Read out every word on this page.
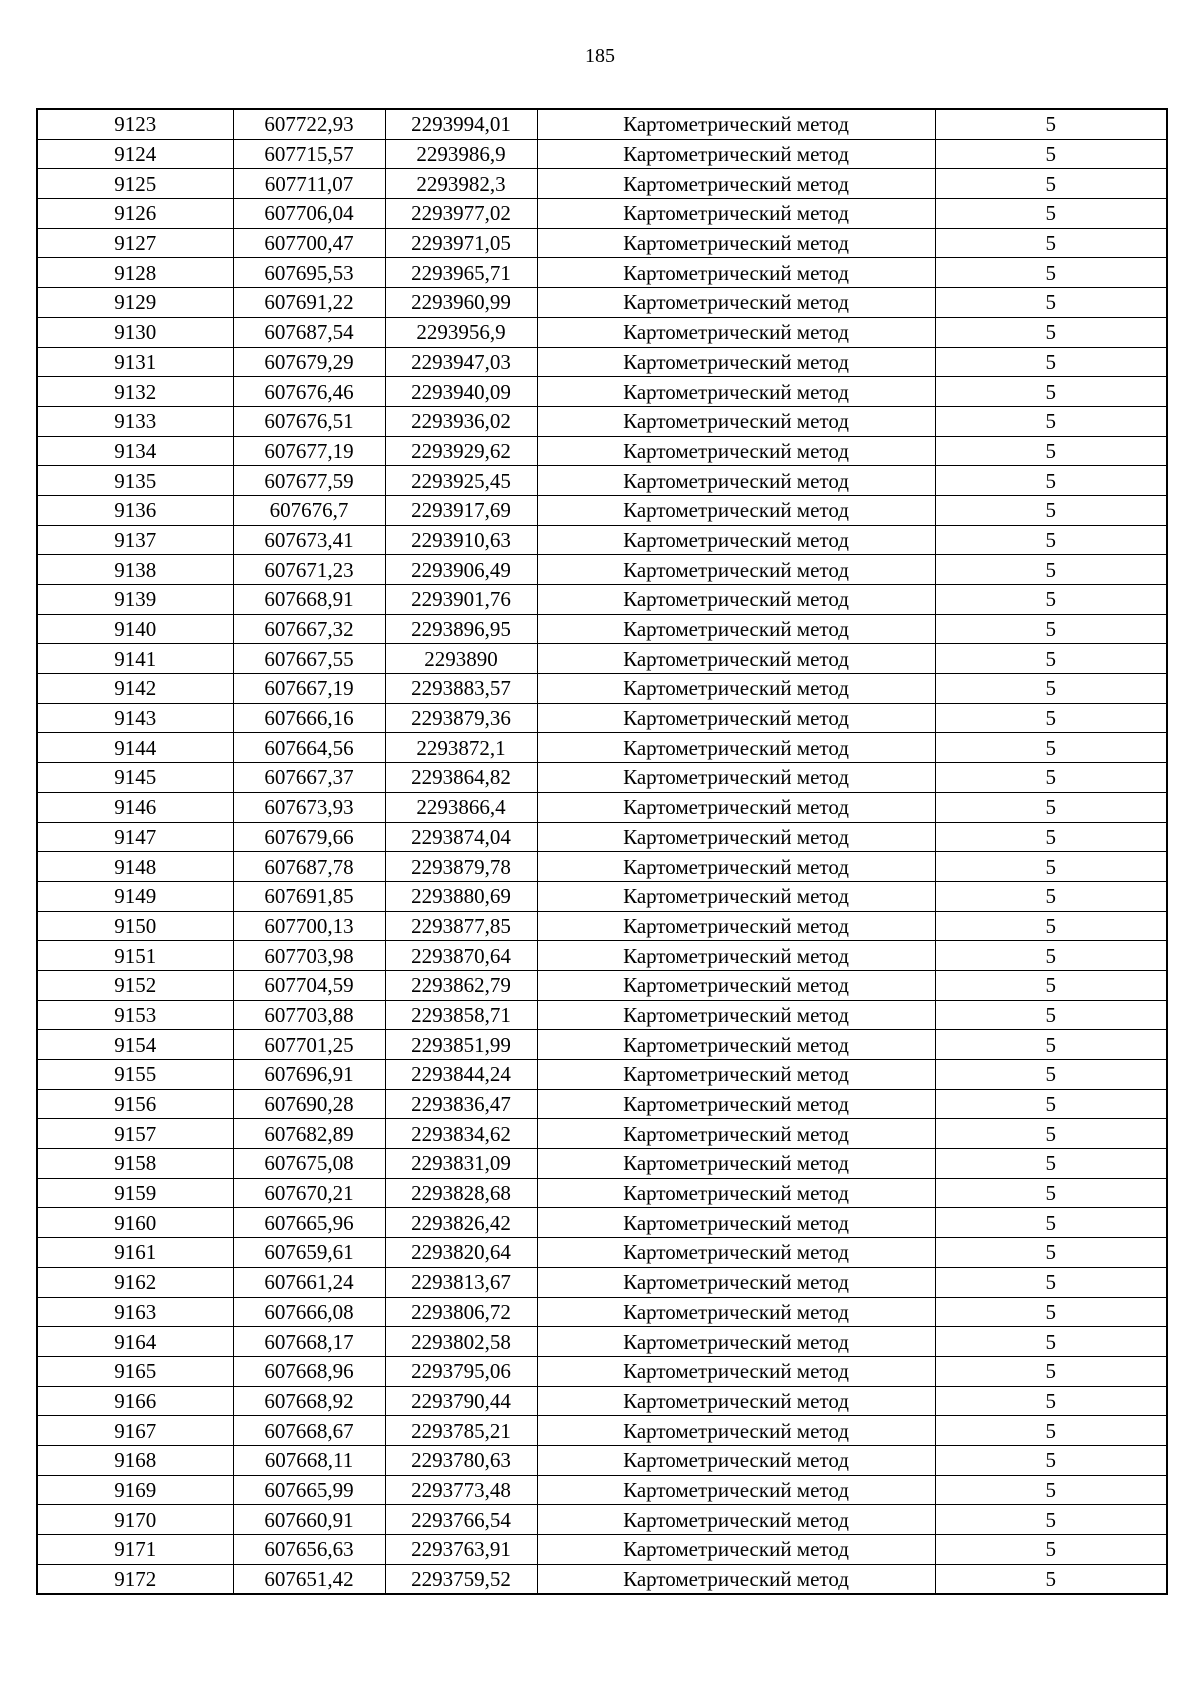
185
9123	607722,93	2293994,01	Картометрический метод	5
9124	607715,57	2293986,9	Картометрический метод	5
9125	607711,07	2293982,3	Картометрический метод	5
9126	607706,04	2293977,02	Картометрический метод	5
9127	607700,47	2293971,05	Картометрический метод	5
9128	607695,53	2293965,71	Картометрический метод	5
9129	607691,22	2293960,99	Картометрический метод	5
9130	607687,54	2293956,9	Картометрический метод	5
9131	607679,29	2293947,03	Картометрический метод	5
9132	607676,46	2293940,09	Картометрический метод	5
9133	607676,51	2293936,02	Картометрический метод	5
9134	607677,19	2293929,62	Картометрический метод	5
9135	607677,59	2293925,45	Картометрический метод	5
9136	607676,7	2293917,69	Картометрический метод	5
9137	607673,41	2293910,63	Картометрический метод	5
9138	607671,23	2293906,49	Картометрический метод	5
9139	607668,91	2293901,76	Картометрический метод	5
9140	607667,32	2293896,95	Картометрический метод	5
9141	607667,55	2293890	Картометрический метод	5
9142	607667,19	2293883,57	Картометрический метод	5
9143	607666,16	2293879,36	Картометрический метод	5
9144	607664,56	2293872,1	Картометрический метод	5
9145	607667,37	2293864,82	Картометрический метод	5
9146	607673,93	2293866,4	Картометрический метод	5
9147	607679,66	2293874,04	Картометрический метод	5
9148	607687,78	2293879,78	Картометрический метод	5
9149	607691,85	2293880,69	Картометрический метод	5
9150	607700,13	2293877,85	Картометрический метод	5
9151	607703,98	2293870,64	Картометрический метод	5
9152	607704,59	2293862,79	Картометрический метод	5
9153	607703,88	2293858,71	Картометрический метод	5
9154	607701,25	2293851,99	Картометрический метод	5
9155	607696,91	2293844,24	Картометрический метод	5
9156	607690,28	2293836,47	Картометрический метод	5
9157	607682,89	2293834,62	Картометрический метод	5
9158	607675,08	2293831,09	Картометрический метод	5
9159	607670,21	2293828,68	Картометрический метод	5
9160	607665,96	2293826,42	Картометрический метод	5
9161	607659,61	2293820,64	Картометрический метод	5
9162	607661,24	2293813,67	Картометрический метод	5
9163	607666,08	2293806,72	Картометрический метод	5
9164	607668,17	2293802,58	Картометрический метод	5
9165	607668,96	2293795,06	Картометрический метод	5
9166	607668,92	2293790,44	Картометрический метод	5
9167	607668,67	2293785,21	Картометрический метод	5
9168	607668,11	2293780,63	Картометрический метод	5
9169	607665,99	2293773,48	Картометрический метод	5
9170	607660,91	2293766,54	Картометрический метод	5
9171	607656,63	2293763,91	Картометрический метод	5
9172	607651,42	2293759,52	Картометрический метод	5
